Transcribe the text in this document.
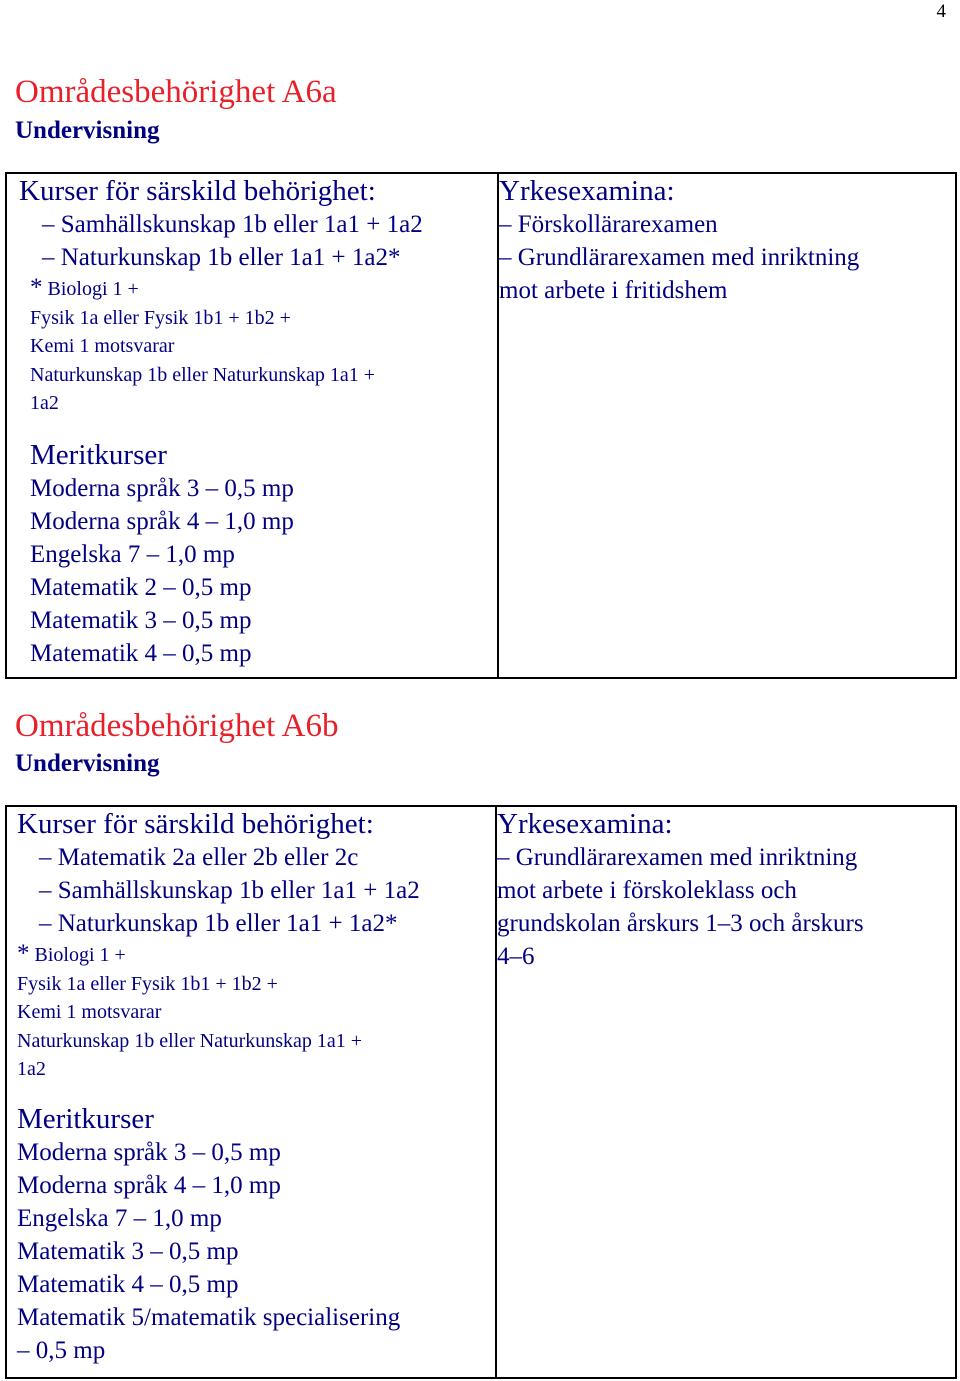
4
Områdesbehörighet A6a
Undervisning
Kurser för särskild behörighet:
– Samhällskunskap 1b eller 1a1 + 1a2
– Naturkunskap 1b eller 1a1 + 1a2*
* Biologi 1 +
Fysik 1a eller Fysik 1b1 + 1b2 +
Kemi 1 motsvarar
Naturkunskap 1b eller Naturkunskap 1a1 +
1a2
Meritkurser
Moderna språk 3 – 0,5 mp
Moderna språk 4 – 1,0 mp
Engelska 7 – 1,0 mp
Matematik 2 – 0,5 mp
Matematik 3 – 0,5 mp
Matematik 4 – 0,5 mp

Yrkesexamina:
– Förskollärarexamen
– Grundlärarexamen med inriktning
mot arbete i fritidshem
Områdesbehörighet A6b
Undervisning
Kurser för särskild behörighet:
– Matematik 2a eller 2b eller 2c
– Samhällskunskap 1b eller 1a1 + 1a2
– Naturkunskap 1b eller 1a1 + 1a2*
* Biologi 1 +
Fysik 1a eller Fysik 1b1 + 1b2 +
Kemi 1 motsvarar
Naturkunskap 1b eller Naturkunskap 1a1 +
1a2
Meritkurser
Moderna språk 3 – 0,5 mp
Moderna språk 4 – 1,0 mp
Engelska 7 – 1,0 mp
Matematik 3 – 0,5 mp
Matematik 4 – 0,5 mp
Matematik 5/matematik specialisering
– 0,5 mp

Yrkesexamina:
– Grundlärarexamen med inriktning
mot arbete i förskoleklass och
grundskolan årskurs 1–3 och årskurs
4–6
